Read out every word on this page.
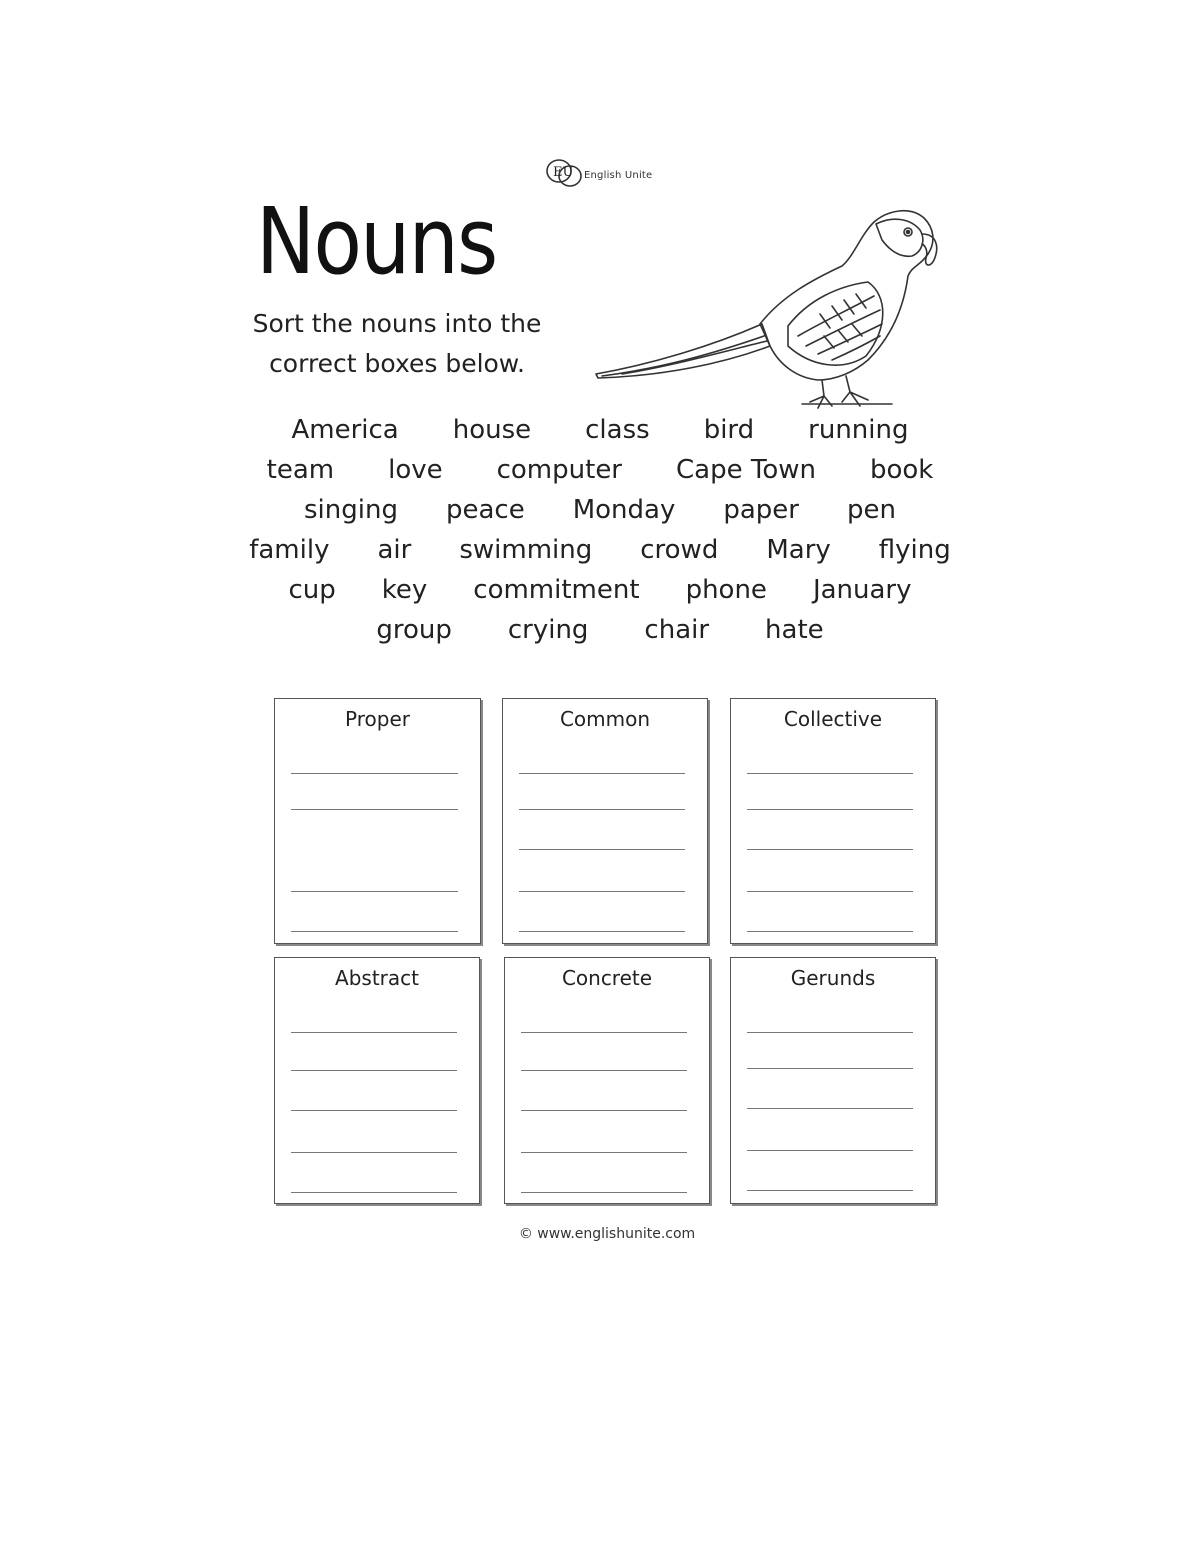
EU English Unite
Nouns
Sort the nouns into the
correct boxes below.
America house class bird running
team love computer Cape Town book
singing peace Monday paper pen
family air swimming crowd Mary flying
cup key commitment phone January
group crying chair hate
Proper	Common	Collective
Abstract	Concrete	Gerunds
© www.englishunite.com
